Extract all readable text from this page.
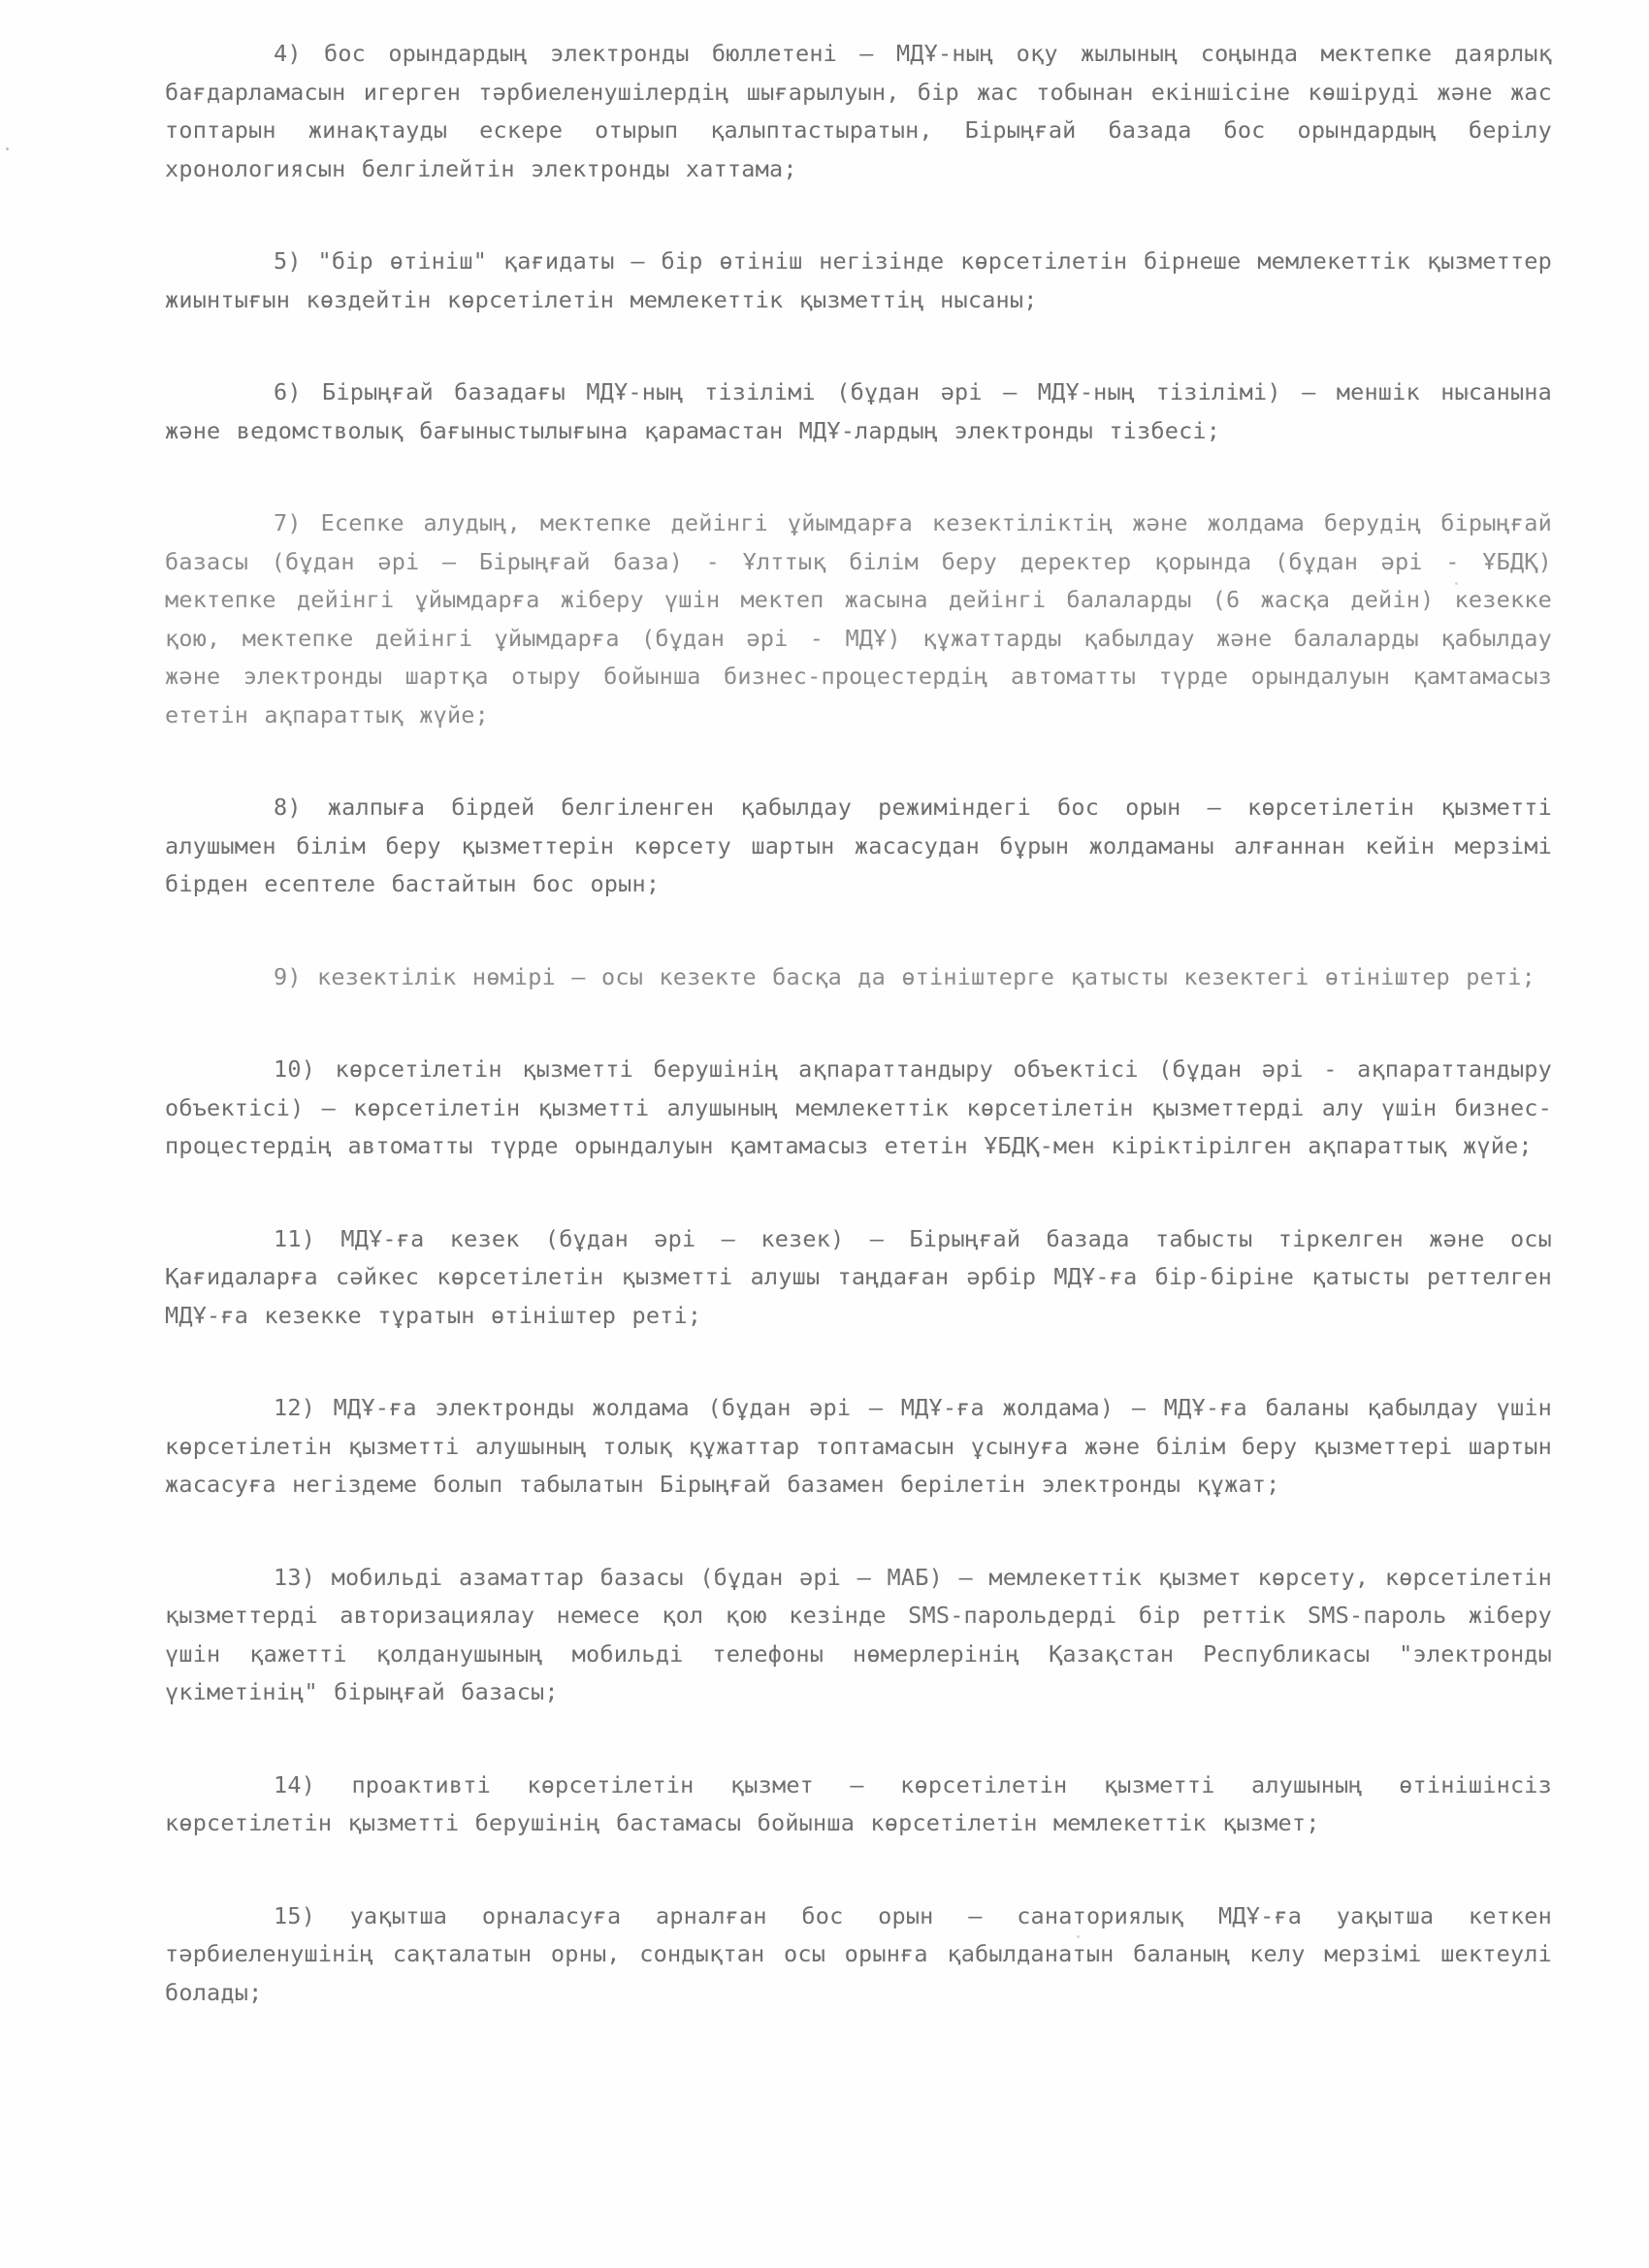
4) бос орындардың электронды бюллетені – МДҰ-ның оқу жылының соңында мектепке даярлық бағдарламасын игерген тәрбиеленушілердің шығарылуын, бір жас тобынан екіншісіне көшіруді және жас топтарын жинақтауды ескере отырып қалыптастыратын, Бірыңғай базада бос орындардың берілу хронологиясын белгілейтін электронды хаттама;

5) "бір өтініш" қағидаты – бір өтініш негізінде көрсетілетін бірнеше мемлекеттік қызметтер жиынтығын көздейтін көрсетілетін мемлекеттік қызметтің нысаны;

6) Бірыңғай базадағы МДҰ-ның тізілімі (бұдан әрі – МДҰ-ның тізілімі) – меншік нысанына және ведомстволық бағыныстылығына қарамастан МДҰ-лардың электронды тізбесі;

7) Есепке алудың, мектепке дейінгі ұйымдарға кезектіліктің және жолдама берудің бірыңғай базасы (бұдан әрі – Бірыңғай база) - Ұлттық білім беру деректер қорында (бұдан әрі - ҰБДҚ) мектепке дейінгі ұйымдарға жіберу үшін мектеп жасына дейінгі балаларды (6 жасқа дейін) кезекке қою, мектепке дейінгі ұйымдарға (бұдан әрі - МДҰ) құжаттарды қабылдау және балаларды қабылдау және электронды шартқа отыру бойынша бизнес-процестердің автоматты түрде орындалуын қамтамасыз ететін ақпараттық жүйе;

8) жалпыға бірдей белгіленген қабылдау режиміндегі бос орын – көрсетілетін қызметті алушымен білім беру қызметтерін көрсету шартын жасасудан бұрын жолдаманы алғаннан кейін мерзімі бірден есептеле бастайтын бос орын;

9) кезектілік нөмірі – осы кезекте басқа да өтініштерге қатысты кезектегі өтініштер реті;

10) көрсетілетін қызметті берушінің ақпараттандыру объектісі (бұдан әрі - ақпараттандыру объектісі) – көрсетілетін қызметті алушының мемлекеттік көрсетілетін қызметтерді алу үшін бизнес-процестердің автоматты түрде орындалуын қамтамасыз ететін ҰБДҚ-мен кіріктірілген ақпараттық жүйе;

11) МДҰ-ға кезек (бұдан әрі – кезек) – Бірыңғай базада табысты тіркелген және осы Қағидаларға сәйкес көрсетілетін қызметті алушы таңдаған әрбір МДҰ-ға бір-біріне қатысты реттелген МДҰ-ға кезекке тұратын өтініштер реті;

12) МДҰ-ға электронды жолдама (бұдан әрі – МДҰ-ға жолдама) – МДҰ-ға баланы қабылдау үшін көрсетілетін қызметті алушының толық құжаттар топтамасын ұсынуға және білім беру қызметтері шартын жасасуға негіздеме болып табылатын Бірыңғай базамен берілетін электронды құжат;

13) мобильді азаматтар базасы (бұдан әрі – МАБ) – мемлекеттік қызмет көрсету, көрсетілетін қызметтерді авторизациялау немесе қол қою кезінде SMS-парольдерді бір реттік SMS-пароль жіберу үшін қажетті қолданушының мобильді телефоны нөмерлерінің Қазақстан Республикасы "электронды үкіметінің" бірыңғай базасы;

14) проактивті көрсетілетін қызмет – көрсетілетін қызметті алушының өтінішінсіз көрсетілетін қызметті берушінің бастамасы бойынша көрсетілетін мемлекеттік қызмет;

15) уақытша орналасуға арналған бос орын – санаториялық МДҰ-ға уақытша кеткен тәрбиеленушінің сақталатын орны, сондықтан осы орынға қабылданатын баланың келу мерзімі шектеулі болады;
